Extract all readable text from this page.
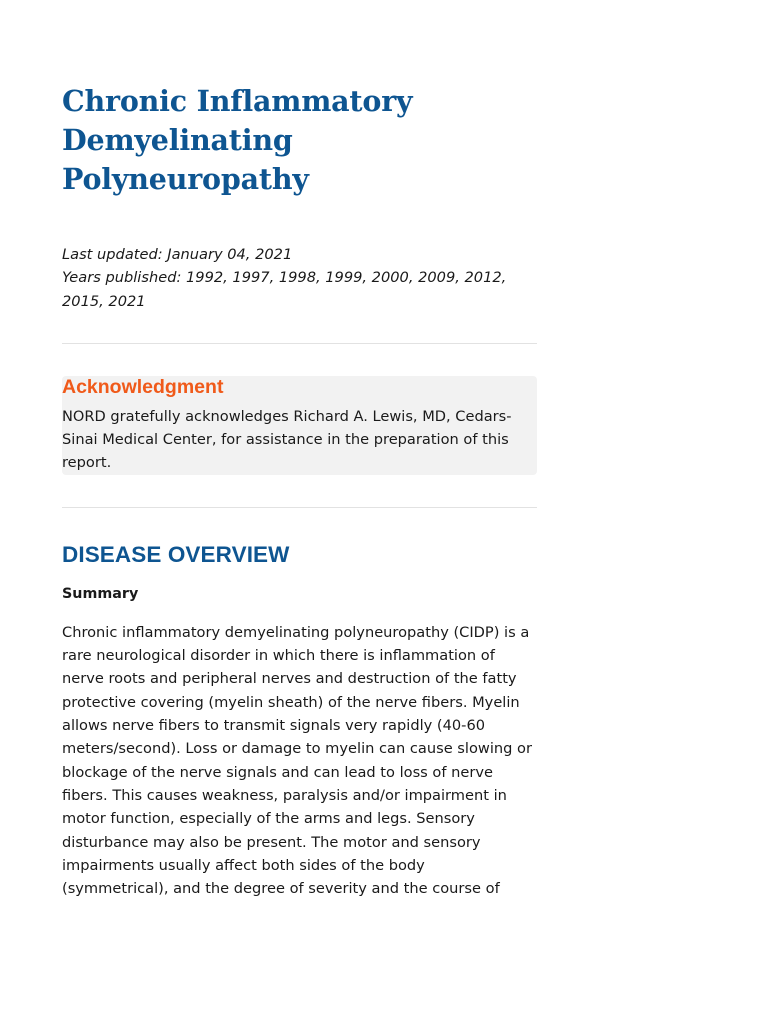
Chronic Inflammatory
Demyelinating
Polyneuropathy
Last updated: January 04, 2021
Years published: 1992, 1997, 1998, 1999, 2000, 2009, 2012,
2015, 2021
Acknowledgment

NORD gratefully acknowledges Richard A. Lewis, MD, Cedars-
Sinai Medical Center, for assistance in the preparation of this
report.

DISEASE OVERVIEW
Summary
Chronic inflammatory demyelinating polyneuropathy (CIDP) is a
rare neurological disorder in which there is inflammation of
nerve roots and peripheral nerves and destruction of the fatty
protective covering (myelin sheath) of the nerve fibers. Myelin
allows nerve fibers to transmit signals very rapidly (40-60
meters/second). Loss or damage to myelin can cause slowing or
blockage of the nerve signals and can lead to loss of nerve
fibers. This causes weakness, paralysis and/or impairment in
motor function, especially of the arms and legs. Sensory
disturbance may also be present. The motor and sensory
impairments usually affect both sides of the body
(symmetrical), and the degree of severity and the course of
